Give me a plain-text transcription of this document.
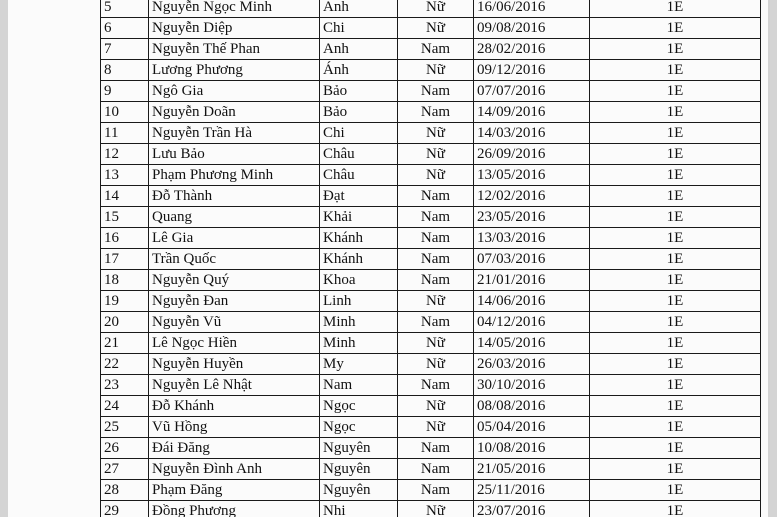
5	Nguyễn Ngọc Minh	Anh	Nữ	16/06/2016	1E
6	Nguyễn Diệp	Chi	Nữ	09/08/2016	1E
7	Nguyễn Thế Phan	Anh	Nam	28/02/2016	1E
8	Lương Phương	Ánh	Nữ	09/12/2016	1E
9	Ngô Gia	Bảo	Nam	07/07/2016	1E
10	Nguyễn Doãn	Bảo	Nam	14/09/2016	1E
11	Nguyễn Trần Hà	Chi	Nữ	14/03/2016	1E
12	Lưu Bảo	Châu	Nữ	26/09/2016	1E
13	Phạm Phương Minh	Châu	Nữ	13/05/2016	1E
14	Đỗ Thành	Đạt	Nam	12/02/2016	1E
15	Quang	Khải	Nam	23/05/2016	1E
16	Lê Gia	Khánh	Nam	13/03/2016	1E
17	Trần Quốc	Khánh	Nam	07/03/2016	1E
18	Nguyễn Quý	Khoa	Nam	21/01/2016	1E
19	Nguyễn Đan	Linh	Nữ	14/06/2016	1E
20	Nguyễn Vũ	Minh	Nam	04/12/2016	1E
21	Lê Ngọc Hiền	Minh	Nữ	14/05/2016	1E
22	Nguyễn Huyền	My	Nữ	26/03/2016	1E
23	Nguyễn Lê Nhật	Nam	Nam	30/10/2016	1E
24	Đỗ Khánh	Ngọc	Nữ	08/08/2016	1E
25	Vũ Hồng	Ngọc	Nữ	05/04/2016	1E
26	Đái Đăng	Nguyên	Nam	10/08/2016	1E
27	Nguyễn Đình Anh	Nguyên	Nam	21/05/2016	1E
28	Phạm Đăng	Nguyên	Nam	25/11/2016	1E
29	Đồng Phương	Nhi	Nữ	23/07/2016	1E
